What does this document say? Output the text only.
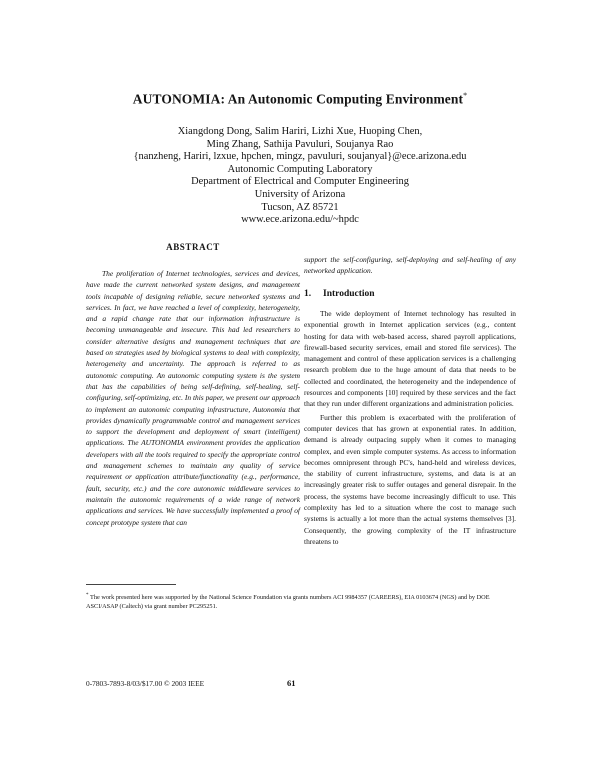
AUTONOMIA: An Autonomic Computing Environment*
Xiangdong Dong, Salim Hariri, Lizhi Xue, Huoping Chen,
Ming Zhang, Sathija Pavuluri, Soujanya Rao
{nanzheng, Hariri, lzxue, hpchen, mingz, pavuluri, soujanyal}@ece.arizona.edu
Autonomic Computing Laboratory
Department of Electrical and Computer Engineering
University of Arizona
Tucson, AZ 85721
www.ece.arizona.edu/~hpdc
ABSTRACT

The proliferation of Internet technologies, services and devices, have made the current networked system designs, and management tools incapable of designing reliable, secure networked systems and services. In fact, we have reached a level of complexity, heterogeneity, and a rapid change rate that our information infrastructure is becoming unmanageable and insecure. This had led researchers to consider alternative designs and management techniques that are based on strategies used by biological systems to deal with complexity, heterogeneity and uncertainty. The approach is referred to as autonomic computing. An autonomic computing system is the system that has the capabilities of being self-defining, self-healing, self-configuring, self-optimizing, etc. In this paper, we present our approach to implement an autonomic computing infrastructure, Autonomia that provides dynamically programmable control and management services to support the development and deployment of smart (intelligent) applications. The AUTONOMIA environment provides the application developers with all the tools required to specify the appropriate control and management schemes to maintain any quality of service requirement or application attribute/functionality (e.g., performance, fault, security, etc.) and the core autonomic middleware services to maintain the autonomic requirements of a wide range of network applications and services. We have successfully implemented a proof of concept prototype system that can

support the self-configuring, self-deploying and self-healing of any networked application.

1. Introduction

The wide deployment of Internet technology has resulted in exponential growth in Internet application services (e.g., content hosting for data with web-based access, shared payroll applications, firewall-based security services, email and stored file services). The management and control of these application services is a challenging research problem due to the huge amount of data that needs to be collected and coordinated, the heterogeneity and the independence of resources and components [10] required by these services and the fact that they run under different organizations and administration policies.

Further this problem is exacerbated with the proliferation of computer devices that has grown at exponential rates. In addition, demand is already outpacing supply when it comes to managing complex, and even simple computer systems. As access to information becomes omnipresent through PC's, hand-held and wireless devices, the stability of current infrastructure, systems, and data is at an increasingly greater risk to suffer outages and general disrepair. In the process, the systems have become increasingly difficult to use. This complexity has led to a situation where the cost to manage such systems is actually a lot more than the actual systems themselves [3]. Consequently, the growing complexity of the IT infrastructure threatens to

* The work presented here was supported by the National Science Foundation via grants numbers ACI 9984357 (CAREERS), EIA 0103674 (NGS) and by DOE ASCI/ASAP (Caltech) via grant number PC295251.
0-7803-7893-8/03/$17.00 © 2003 IEEE	61
